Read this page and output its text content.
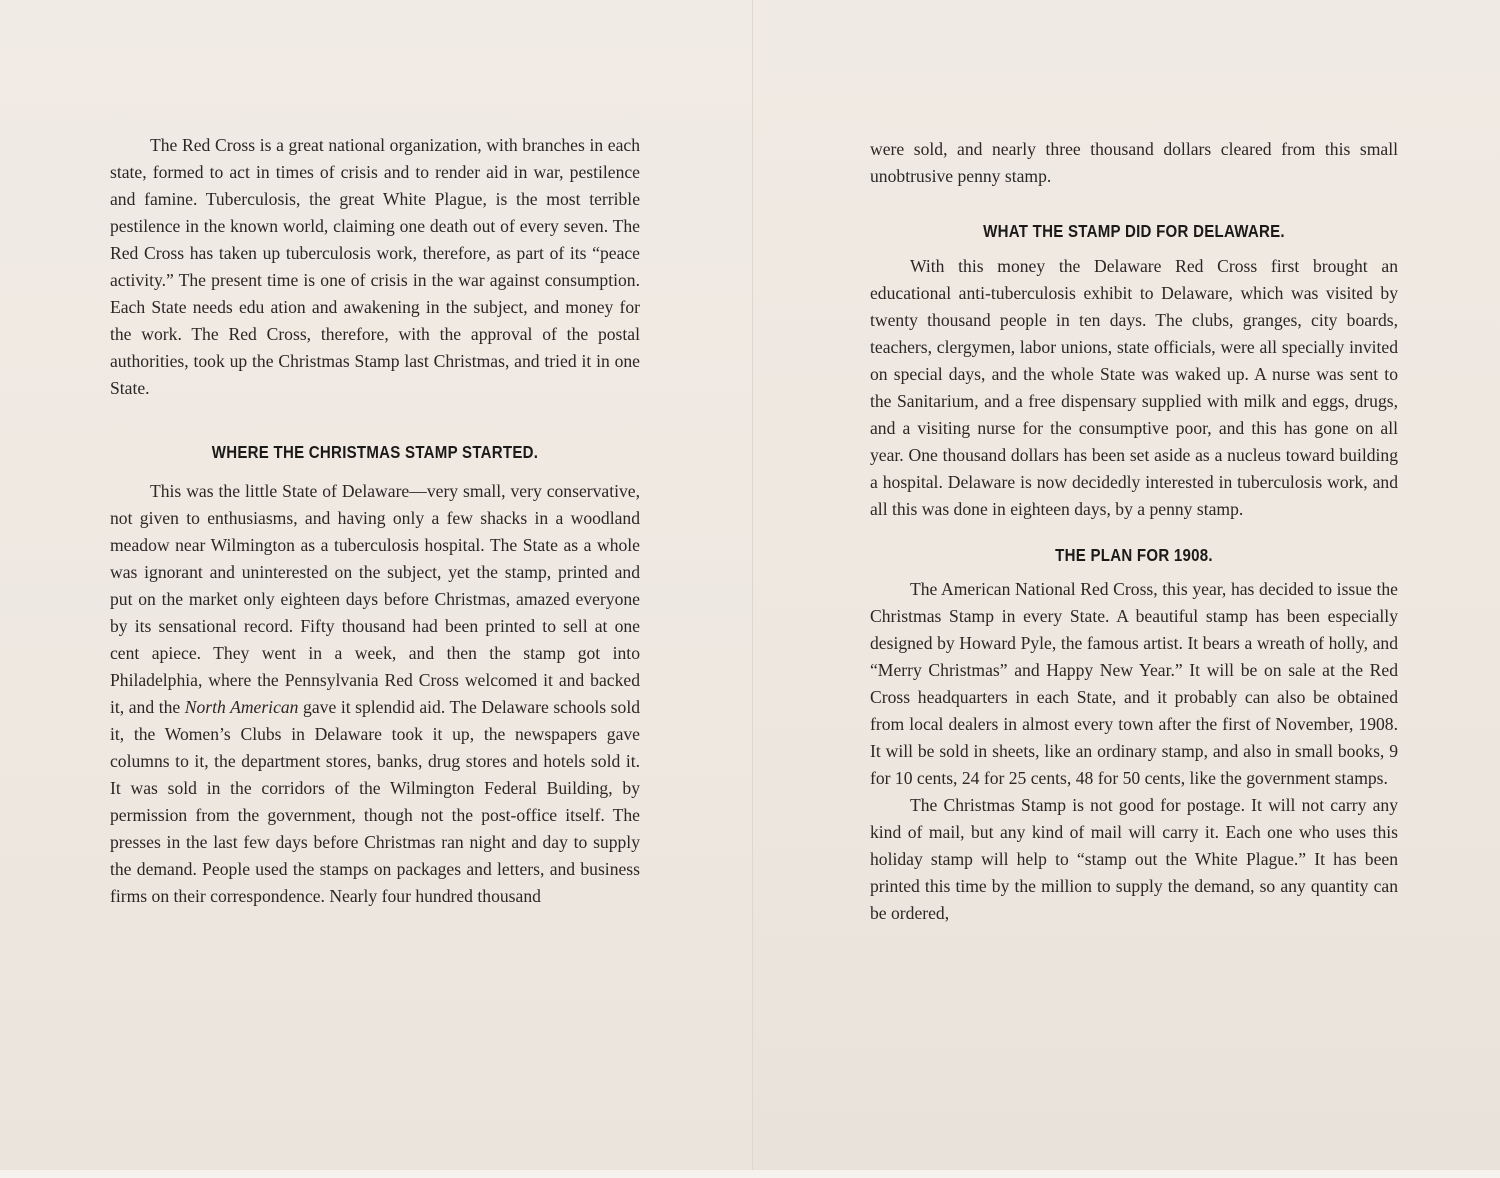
The Red Cross is a great national organization, with branches in each state, formed to act in times of crisis and to render aid in war, pestilence and famine. Tuberculosis, the great White Plague, is the most terrible pestilence in the known world, claiming one death out of every seven. The Red Cross has taken up tuberculosis work, therefore, as part of its “peace activity.” The present time is one of crisis in the war against consumption. Each State needs edu ation and awakening in the subject, and money for the work. The Red Cross, therefore, with the approval of the postal authorities, took up the Christmas Stamp last Christmas, and tried it in one State.

WHERE THE CHRISTMAS STAMP STARTED.

This was the little State of Delaware—very small, very conservative, not given to enthusiasms, and having only a few shacks in a woodland meadow near Wilmington as a tuberculosis hospital. The State as a whole was ignorant and uninterested on the subject, yet the stamp, printed and put on the market only eighteen days before Christmas, amazed everyone by its sensational record. Fifty thousand had been printed to sell at one cent apiece. They went in a week, and then the stamp got into Philadelphia, where the Pennsylvania Red Cross welcomed it and backed it, and the North American gave it splendid aid. The Delaware schools sold it, the Women’s Clubs in Delaware took it up, the newspapers gave columns to it, the department stores, banks, drug stores and hotels sold it. It was sold in the corridors of the Wilmington Federal Building, by permission from the government, though not the post-office itself. The presses in the last few days before Christmas ran night and day to supply the demand. People used the stamps on packages and letters, and business firms on their correspondence. Nearly four hundred thousand

were sold, and nearly three thousand dollars cleared from this small unobtrusive penny stamp.

WHAT THE STAMP DID FOR DELAWARE.

With this money the Delaware Red Cross first brought an educational anti-tuberculosis exhibit to Delaware, which was visited by twenty thousand people in ten days. The clubs, granges, city boards, teachers, clergymen, labor unions, state officials, were all specially invited on special days, and the whole State was waked up. A nurse was sent to the Sanitarium, and a free dispensary supplied with milk and eggs, drugs, and a visiting nurse for the consumptive poor, and this has gone on all year. One thousand dollars has been set aside as a nucleus toward building a hospital. Delaware is now decidedly interested in tuberculosis work, and all this was done in eighteen days, by a penny stamp.

THE PLAN FOR 1908.

The American National Red Cross, this year, has decided to issue the Christmas Stamp in every State. A beautiful stamp has been especially designed by Howard Pyle, the famous artist. It bears a wreath of holly, and “Merry Christmas” and Happy New Year.” It will be on sale at the Red Cross headquarters in each State, and it probably can also be obtained from local dealers in almost every town after the first of November, 1908. It will be sold in sheets, like an ordinary stamp, and also in small books, 9 for 10 cents, 24 for 25 cents, 48 for 50 cents, like the government stamps.

The Christmas Stamp is not good for postage. It will not carry any kind of mail, but any kind of mail will carry it. Each one who uses this holiday stamp will help to “stamp out the White Plague.” It has been printed this time by the million to supply the demand, so any quantity can be ordered,
